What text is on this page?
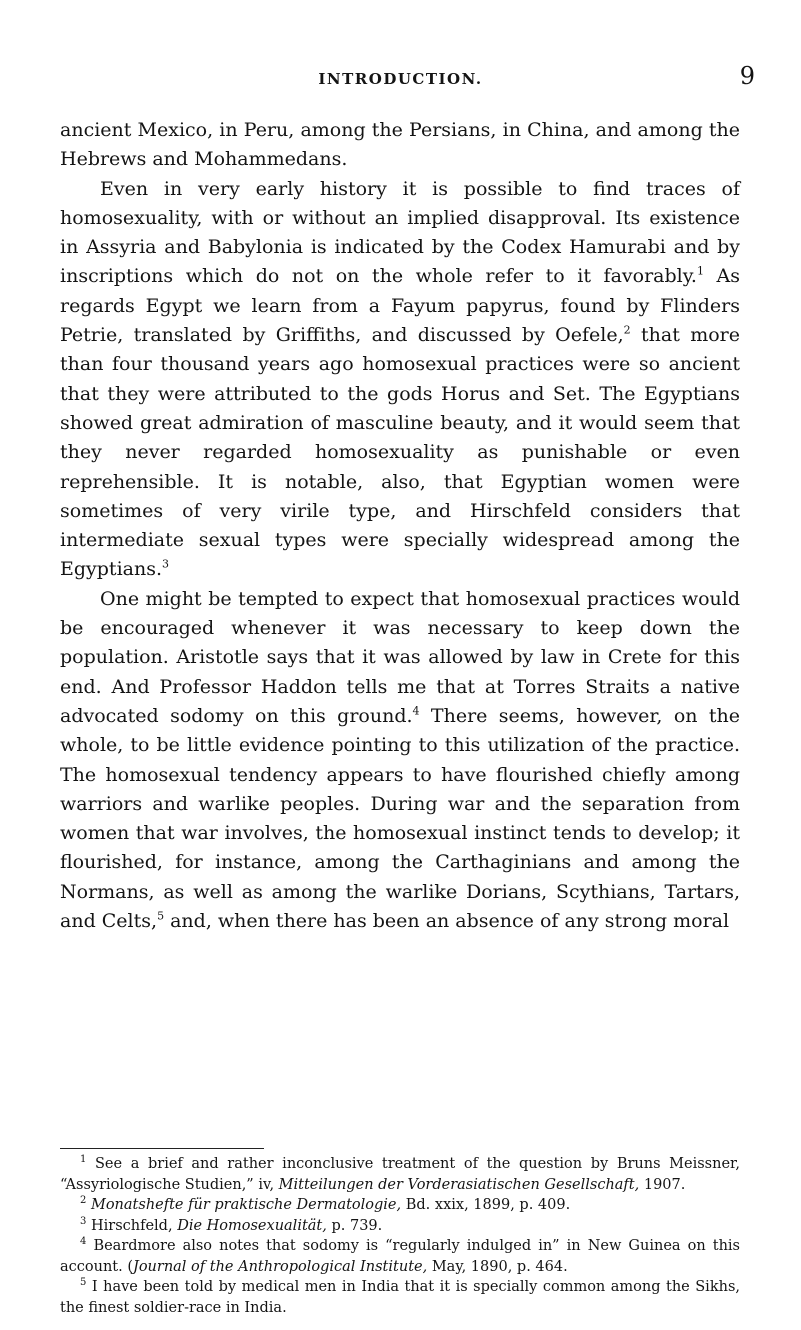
INTRODUCTION.	9

ancient Mexico, in Peru, among the Persians, in China, and among the Hebrews and Mohammedans.

Even in very early history it is possible to find traces of homosexuality, with or without an implied disapproval. Its existence in Assyria and Babylonia is indicated by the Codex Hamurabi and by inscriptions which do not on the whole refer to it favorably.$^1$ As regards Egypt we learn from a Fayum papyrus, found by Flinders Petrie, translated by Griffiths, and discussed by Oefele,$^2$ that more than four thousand years ago homosexual practices were so ancient that they were attributed to the gods Horus and Set. The Egyptians showed great admiration of masculine beauty, and it would seem that they never regarded homosexuality as punishable or even reprehensible. It is notable, also, that Egyptian women were sometimes of very virile type, and Hirschfeld considers that intermediate sexual types were specially widespread among the Egyptians.$^3$

One might be tempted to expect that homosexual practices would be encouraged whenever it was necessary to keep down the population. Aristotle says that it was allowed by law in Crete for this end. And Professor Haddon tells me that at Torres Straits a native advocated sodomy on this ground.$^4$ There seems, however, on the whole, to be little evidence pointing to this utilization of the practice. The homosexual tendency appears to have flourished chiefly among warriors and warlike peoples. During war and the separation from women that war involves, the homosexual instinct tends to develop; it flourished, for instance, among the Carthaginians and among the Normans, as well as among the warlike Dorians, Scythians, Tartars, and Celts,$^5$ and, when there has been an absence of any strong moral

$^1$ See a brief and rather inconclusive treatment of the question by Bruns Meissner, “Assyriologische Studien,” iv, Mitteilungen der Vorderasiatischen Gesellschaft, 1907.

$^2$ Monatshefte für praktische Dermatologie, Bd. xxix, 1899, p. 409.

$^3$ Hirschfeld, Die Homosexualität, p. 739.

$^4$ Beardmore also notes that sodomy is “regularly indulged in” in New Guinea on this account. (Journal of the Anthropological Institute, May, 1890, p. 464.

$^5$ I have been told by medical men in India that it is specially common among the Sikhs, the finest soldier-race in India.
